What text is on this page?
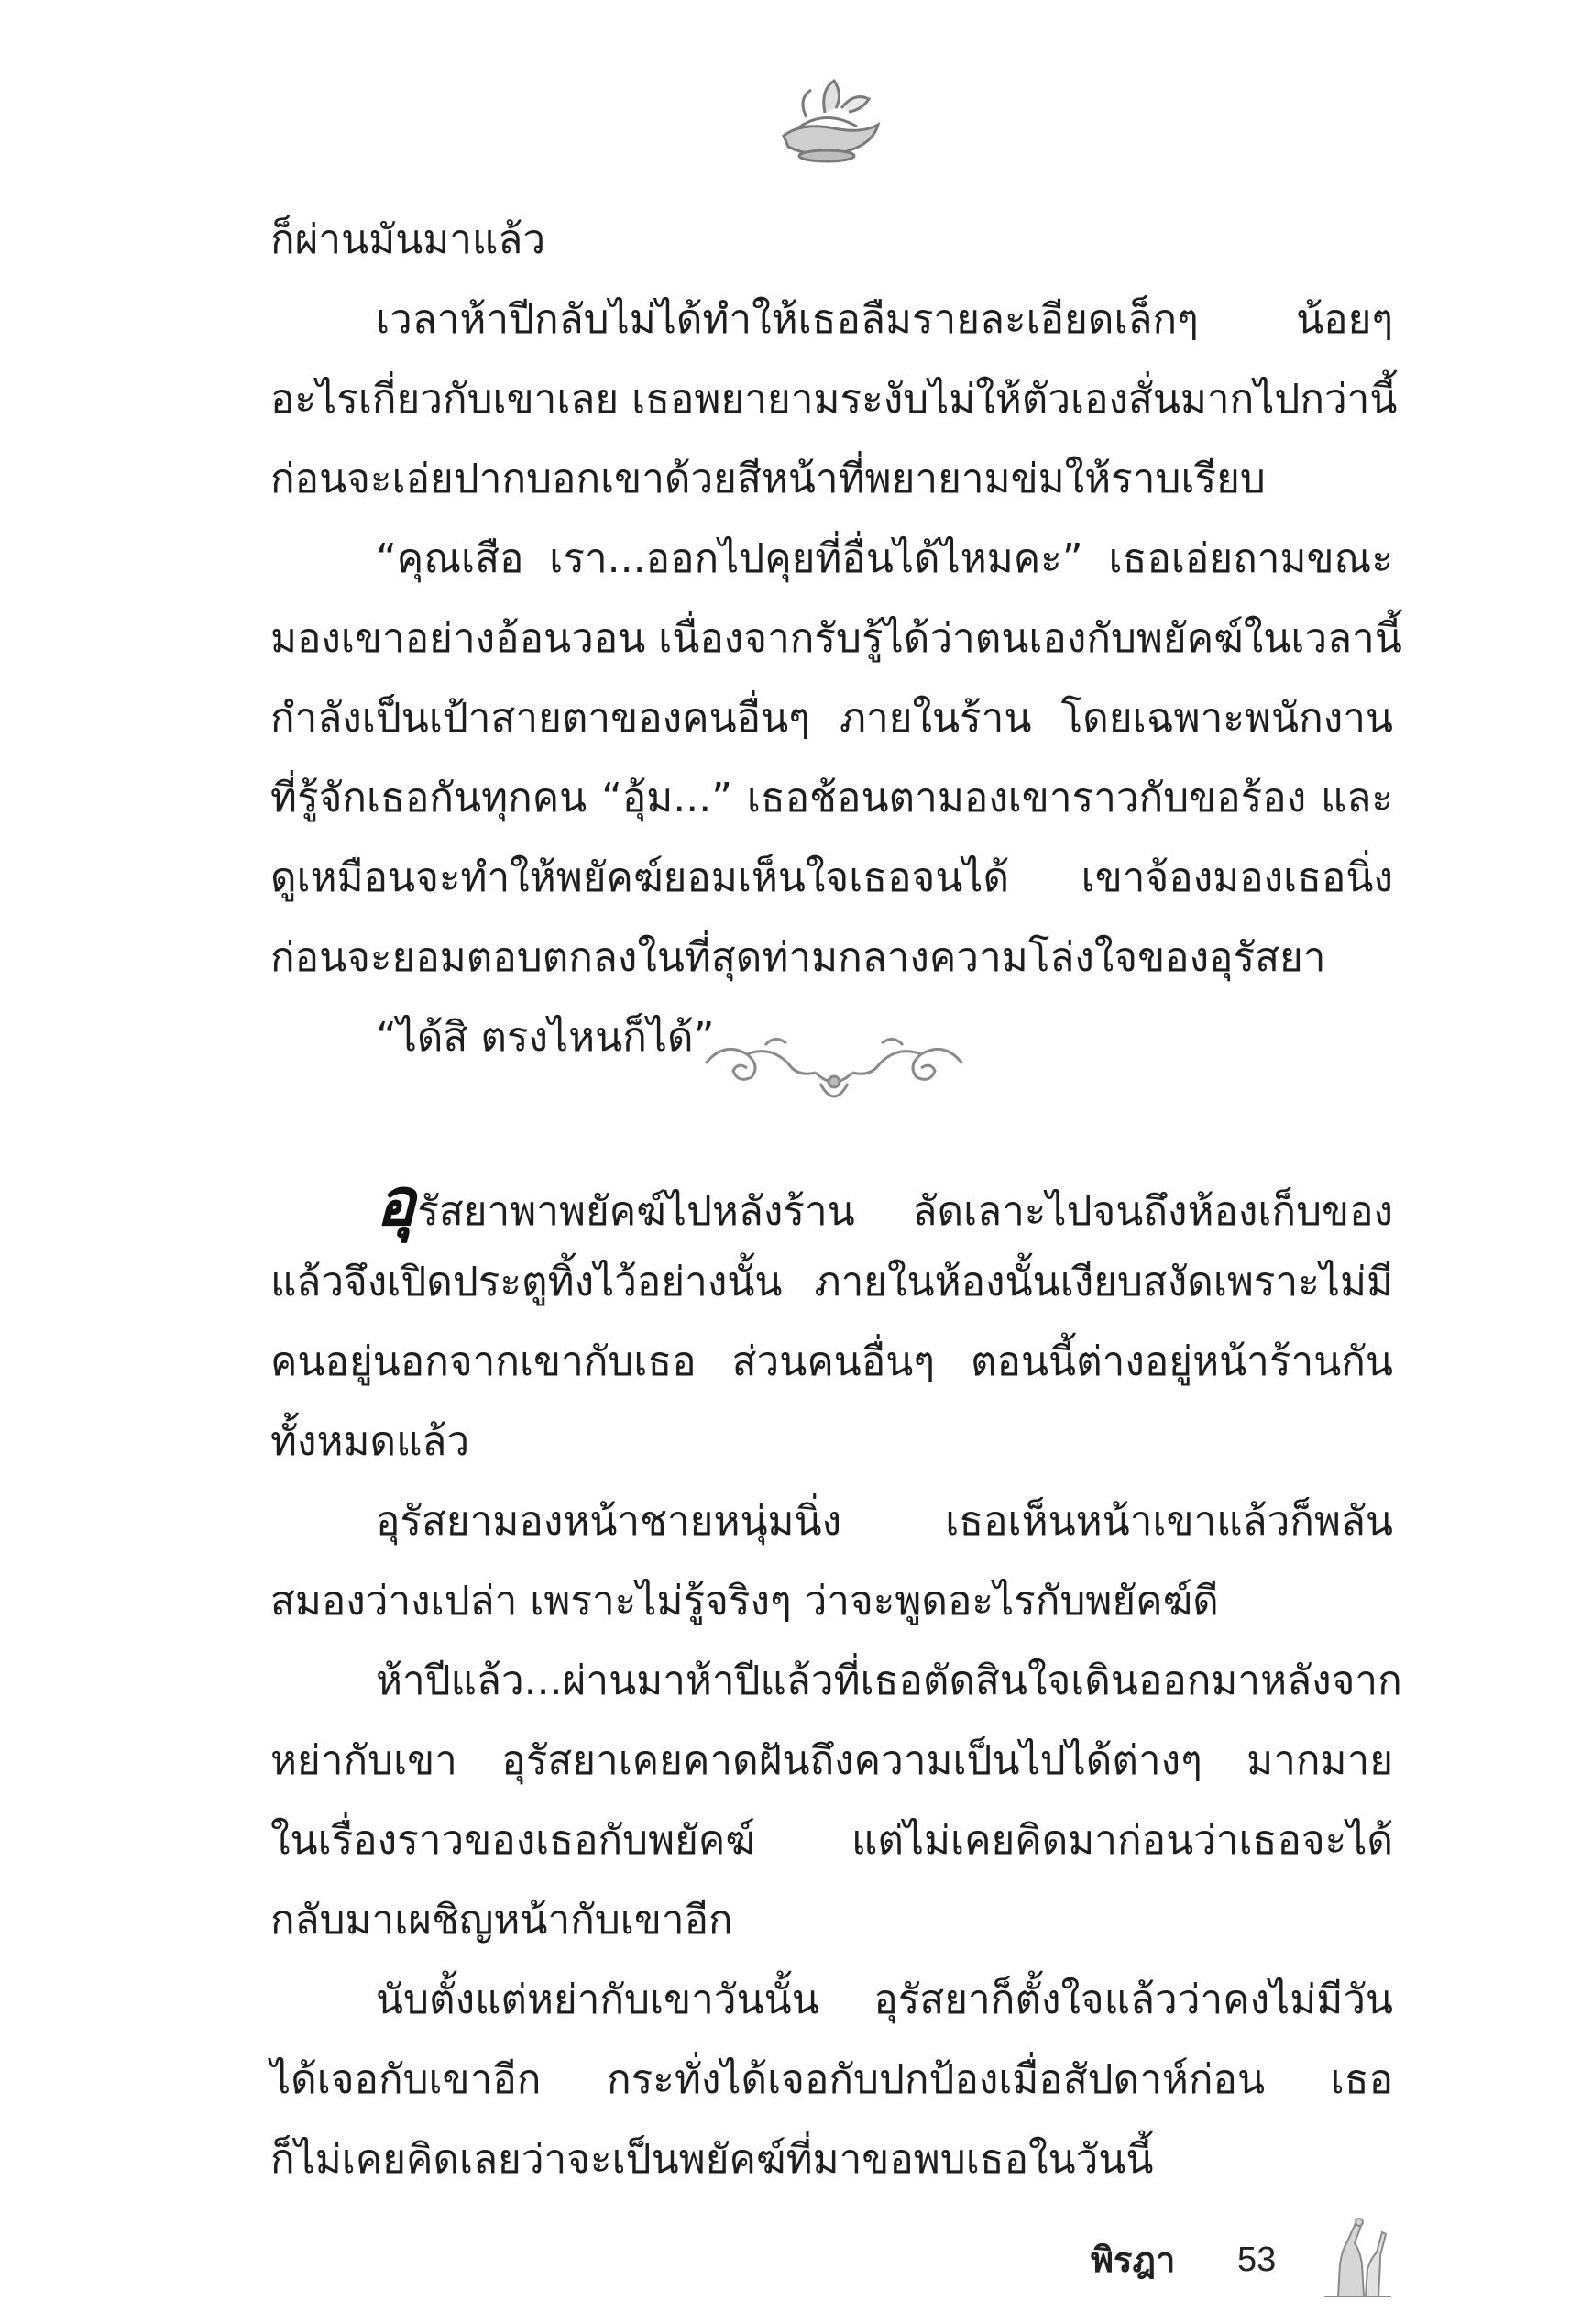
ก็ผ่านมันมาแล้ว
เวลาห้าปีกลับไม่ได้ทำให้เธอลืมรายละเอียดเล็กๆ น้อยๆ
อะไรเกี่ยวกับเขาเลย เธอพยายามระงับไม่ให้ตัวเองสั่นมากไปกว่านี้
ก่อนจะเอ่ยปากบอกเขาด้วยสีหน้าที่พยายามข่มให้ราบเรียบ
“คุณเสือ เรา...ออกไปคุยที่อื่นได้ไหมคะ” เธอเอ่ยถามขณะ
มองเขาอย่างอ้อนวอน เนื่องจากรับรู้ได้ว่าตนเองกับพยัคฆ์ในเวลานี้
กำลังเป็นเป้าสายตาของคนอื่นๆ ภายในร้าน โดยเฉพาะพนักงาน
ที่รู้จักเธอกันทุกคน “อุ้ม...” เธอช้อนตามองเขาราวกับขอร้อง และ
ดูเหมือนจะทำให้พยัคฆ์ยอมเห็นใจเธอจนได้ เขาจ้องมองเธอนิ่ง
ก่อนจะยอมตอบตกลงในที่สุดท่ามกลางความโล่งใจของอุรัสยา
“ได้สิ ตรงไหนก็ได้”
อุรัสยาพาพยัคฆ์ไปหลังร้าน ลัดเลาะไปจนถึงห้องเก็บของ
แล้วจึงเปิดประตูทิ้งไว้อย่างนั้น ภายในห้องนั้นเงียบสงัดเพราะไม่มี
คนอยู่นอกจากเขากับเธอ ส่วนคนอื่นๆ ตอนนี้ต่างอยู่หน้าร้านกัน
ทั้งหมดแล้ว
อุรัสยามองหน้าชายหนุ่มนิ่ง เธอเห็นหน้าเขาแล้วก็พลัน
สมองว่างเปล่า เพราะไม่รู้จริงๆ ว่าจะพูดอะไรกับพยัคฆ์ดี
ห้าปีแล้ว...ผ่านมาห้าปีแล้วที่เธอตัดสินใจเดินออกมาหลังจาก
หย่ากับเขา อุรัสยาเคยคาดฝันถึงความเป็นไปได้ต่างๆ มากมาย
ในเรื่องราวของเธอกับพยัคฆ์ แต่ไม่เคยคิดมาก่อนว่าเธอจะได้
กลับมาเผชิญหน้ากับเขาอีก
นับตั้งแต่หย่ากับเขาวันนั้น อุรัสยาก็ตั้งใจแล้วว่าคงไม่มีวัน
ได้เจอกับเขาอีก กระทั่งได้เจอกับปกป้องเมื่อสัปดาห์ก่อน เธอ
ก็ไม่เคยคิดเลยว่าจะเป็นพยัคฆ์ที่มาขอพบเธอในวันนี้
พิรฎา 53
